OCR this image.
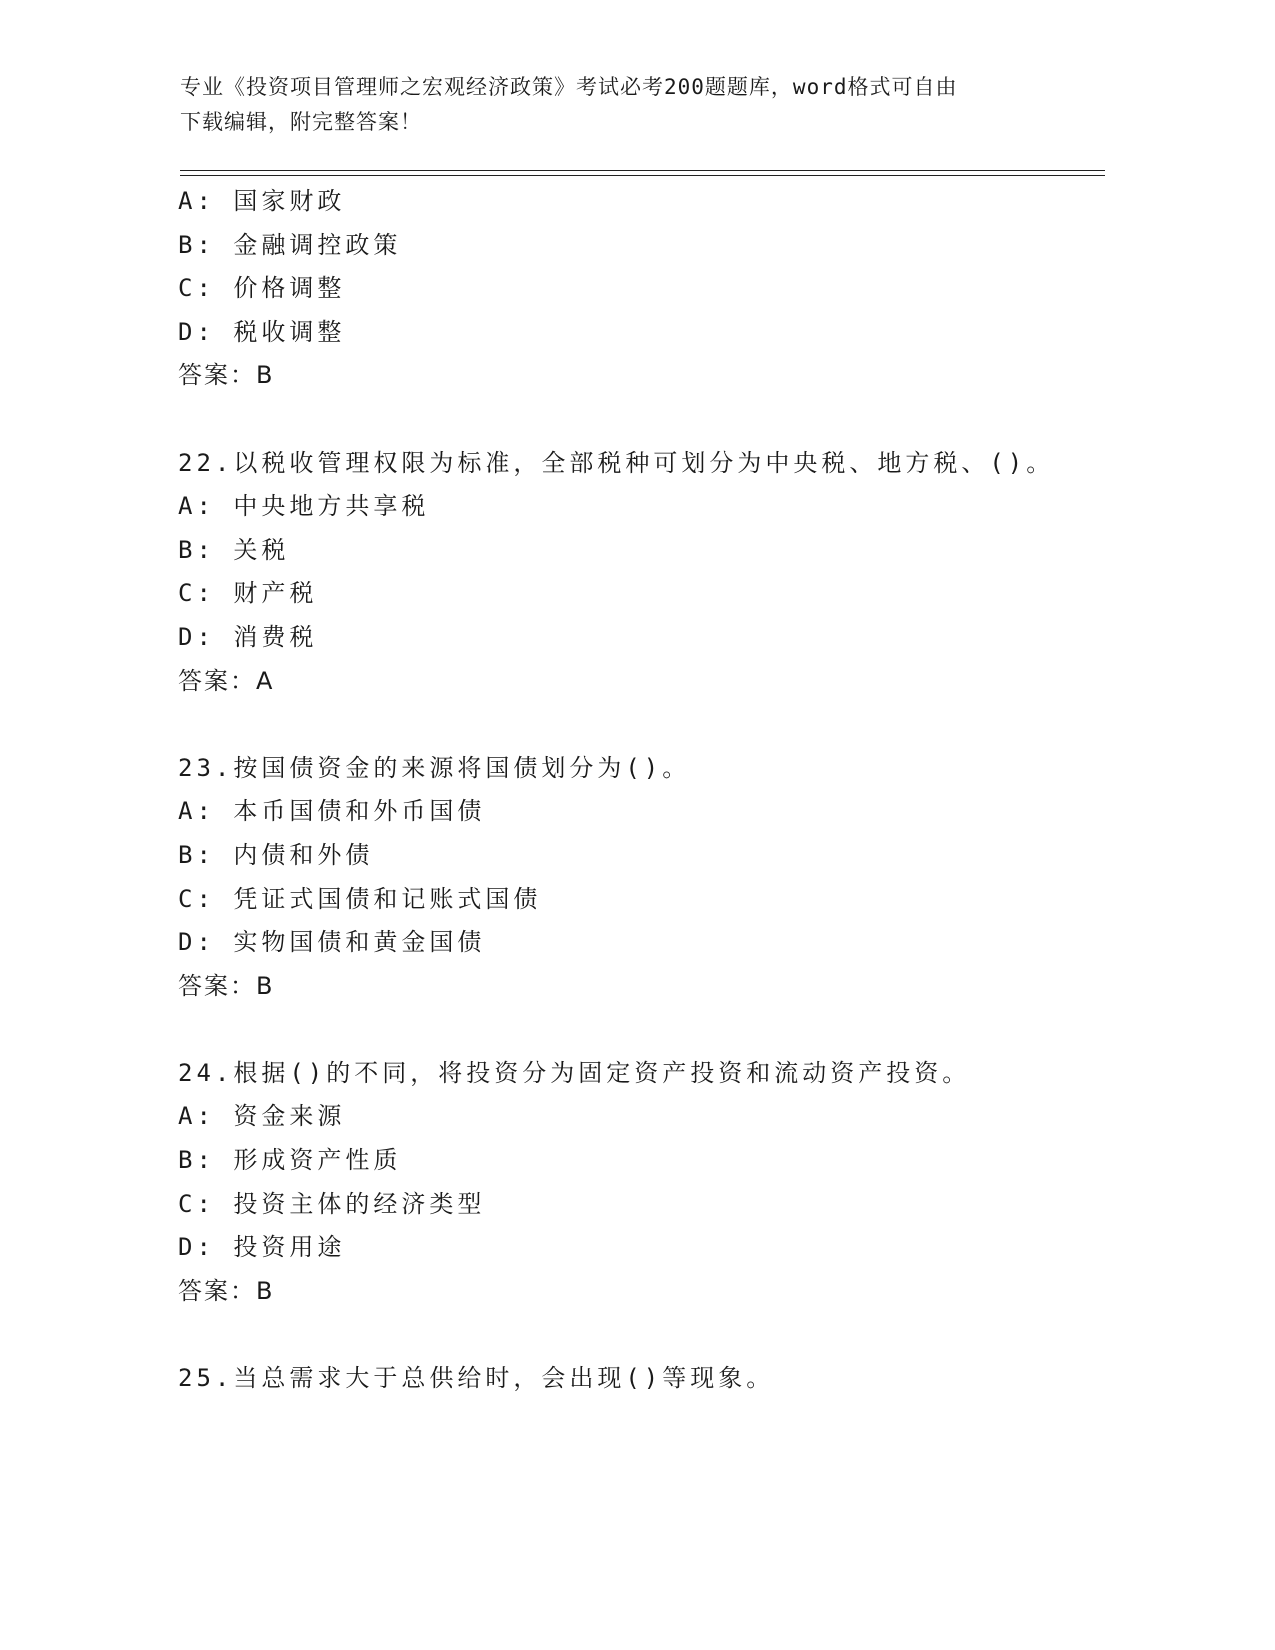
专业《投资项目管理师之宏观经济政策》考试必考200题题库，word格式可自由
下载编辑，附完整答案！
A: 国家财政
B: 金融调控政策
C: 价格调整
D: 税收调整
答案：B
22.以税收管理权限为标准，全部税种可划分为中央税、地方税、()。
A: 中央地方共享税
B: 关税
C: 财产税
D: 消费税
答案：A
23.按国债资金的来源将国债划分为()。
A: 本币国债和外币国债
B: 内债和外债
C: 凭证式国债和记账式国债
D: 实物国债和黄金国债
答案：B
24.根据()的不同，将投资分为固定资产投资和流动资产投资。
A: 资金来源
B: 形成资产性质
C: 投资主体的经济类型
D: 投资用途
答案：B
25.当总需求大于总供给时，会出现()等现象。
